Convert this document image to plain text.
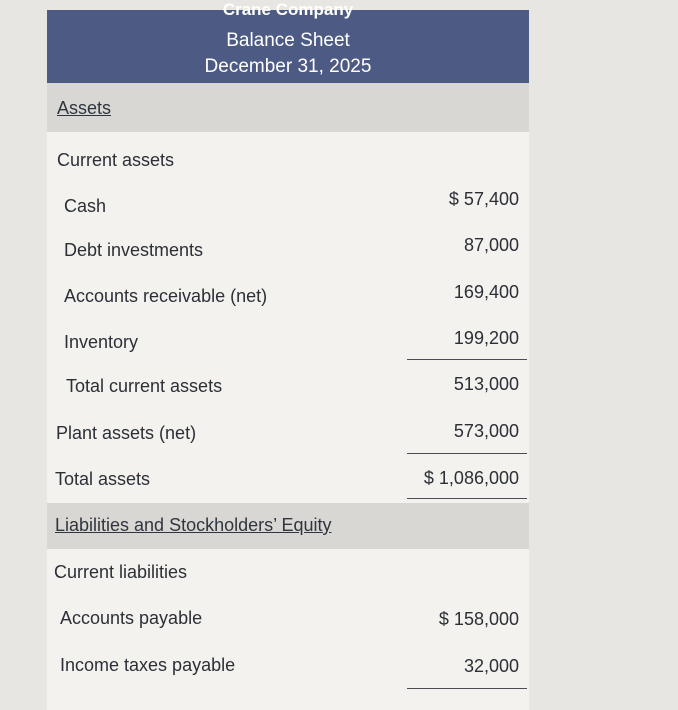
Crane Company
Balance Sheet
December 31, 2025
Assets
Current assets
Cash	$ 57,400
Debt investments	87,000
Accounts receivable (net)	169,400
Inventory	199,200
Total current assets	513,000
Plant assets (net)	573,000
Total assets	$ 1,086,000
Liabilities and Stockholders’ Equity
Current liabilities
Accounts payable	$ 158,000
Income taxes payable	32,000
